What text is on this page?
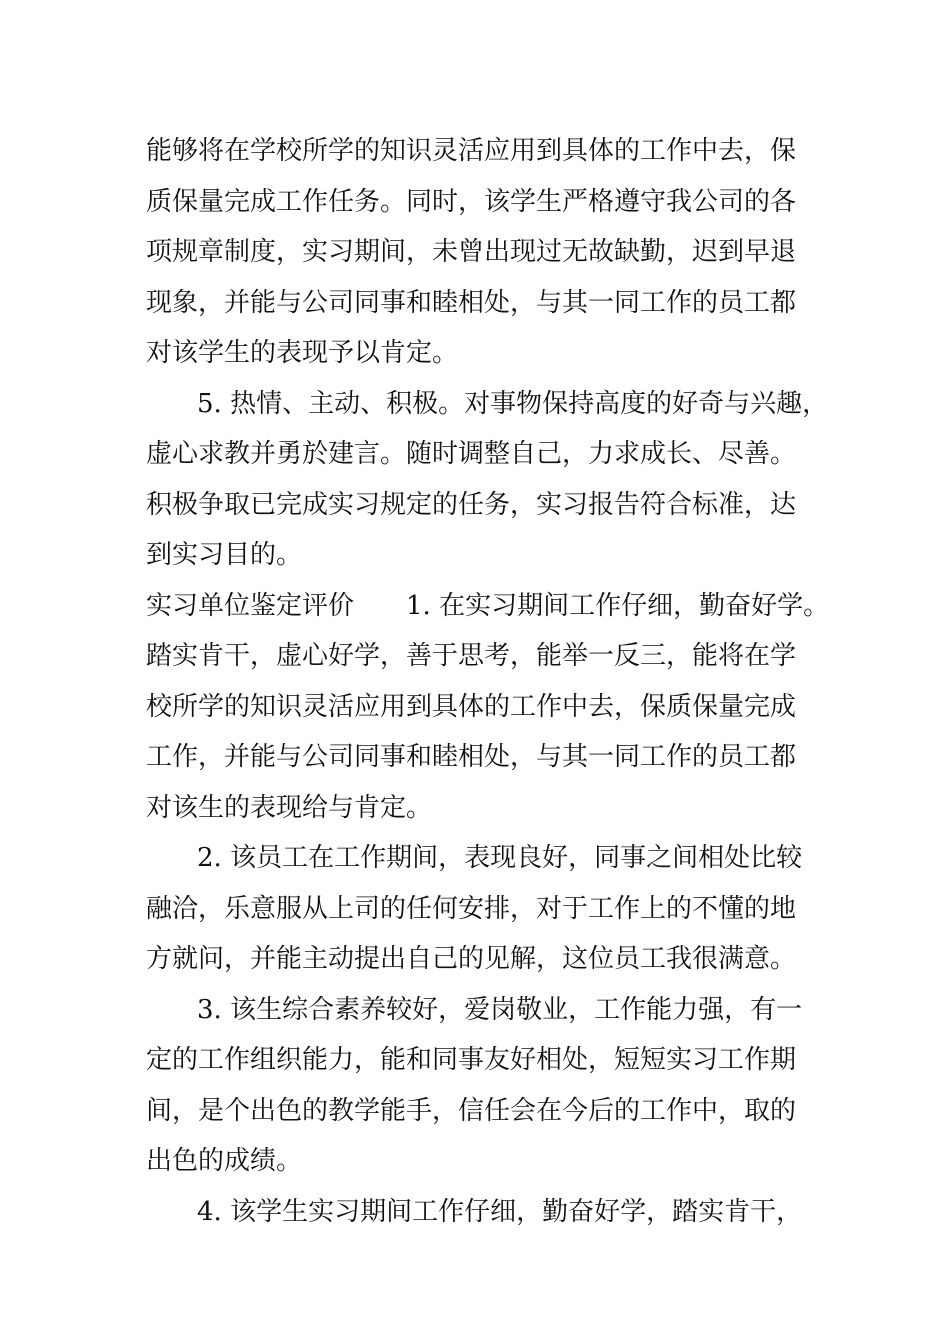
能够将在学校所学的知识灵活应用到具体的工作中去，保
质保量完成工作任务。同时，该学生严格遵守我公司的各
项规章制度，实习期间，未曾出现过无故缺勤，迟到早退
现象，并能与公司同事和睦相处，与其一同工作的员工都
对该学生的表现予以肯定。
5. 热情、主动、积极。对事物保持高度的好奇与兴趣，
虚心求教并勇於建言。随时调整自己，力求成长、尽善。
积极争取已完成实习规定的任务，实习报告符合标准，达
到实习目的。
实习单位鉴定评价 1. 在实习期间工作仔细，勤奋好学。
踏实肯干，虚心好学，善于思考，能举一反三，能将在学
校所学的知识灵活应用到具体的工作中去，保质保量完成
工作，并能与公司同事和睦相处，与其一同工作的员工都
对该生的表现给与肯定。
2. 该员工在工作期间，表现良好，同事之间相处比较
融洽，乐意服从上司的任何安排，对于工作上的不懂的地
方就问，并能主动提出自己的见解，这位员工我很满意。
3. 该生综合素养较好，爱岗敬业，工作能力强，有一
定的工作组织能力，能和同事友好相处，短短实习工作期
间，是个出色的教学能手，信任会在今后的工作中，取的
出色的成绩。
4. 该学生实习期间工作仔细，勤奋好学，踏实肯干，
